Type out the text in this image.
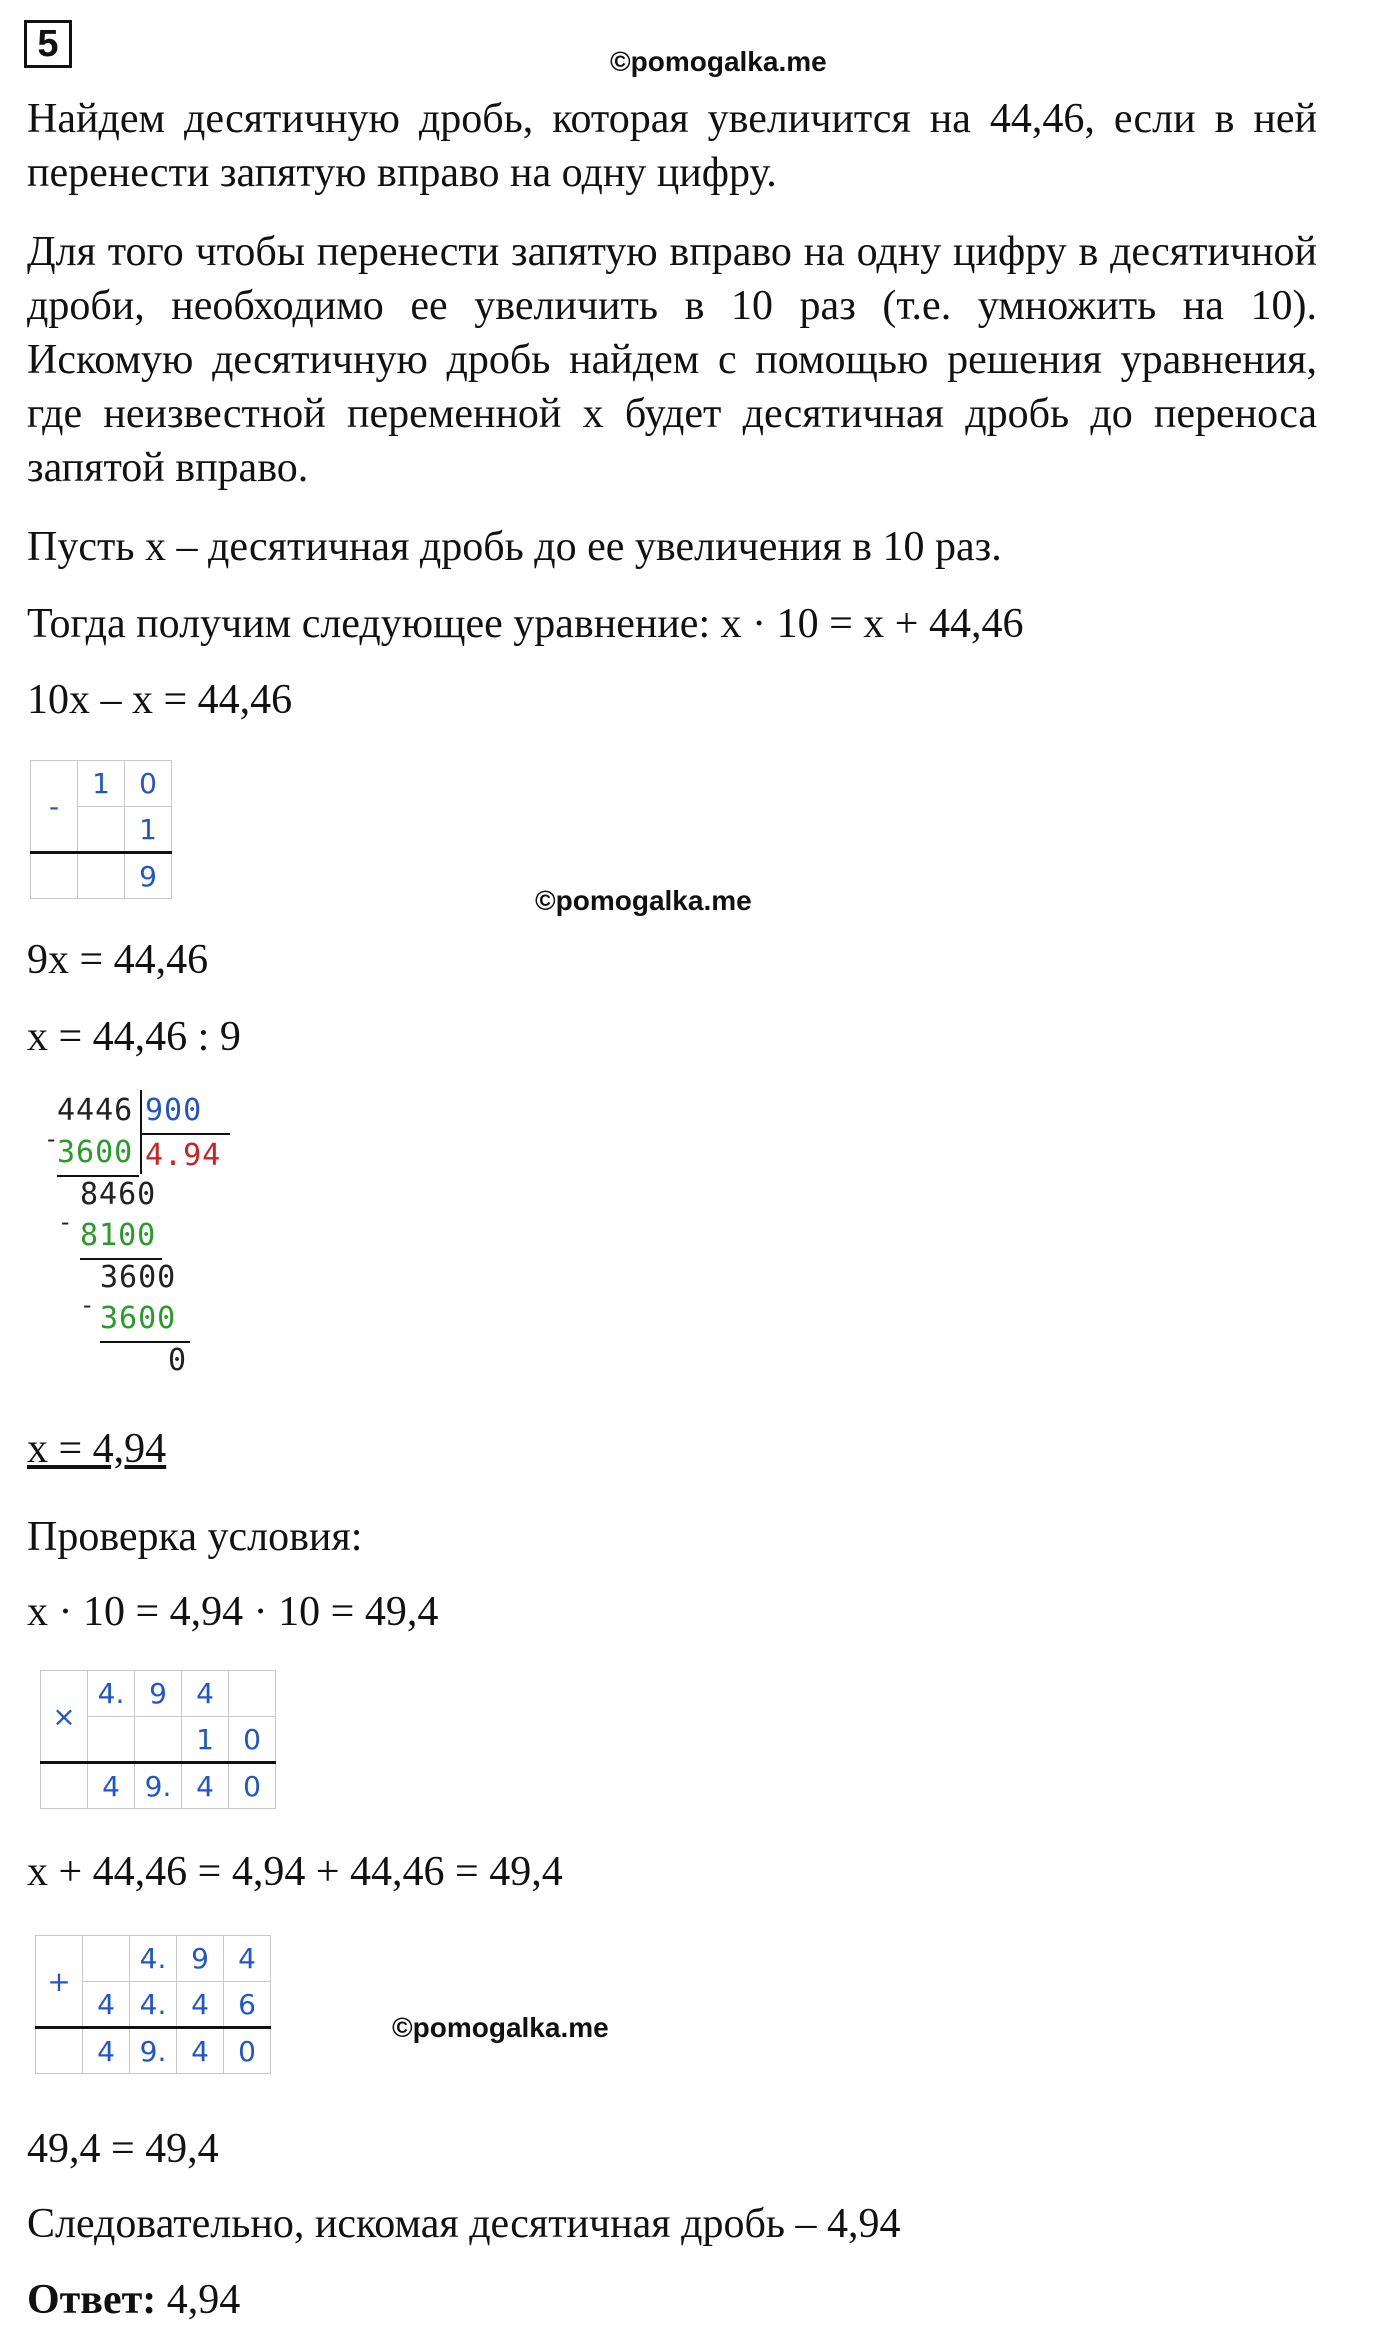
5	©pomogalka.me
Найдем десятичную дробь, которая увеличится на 44,46, если в ней перенести запятую вправо на одну цифру.
Для того чтобы перенести запятую вправо на одну цифру в десятичной дроби, необходимо ее увеличить в 10 раз (т.е. умножить на 10). Искомую десятичную дробь найдем с помощью решения уравнения, где неизвестной переменной х будет десятичная дробь до переноса запятой вправо.
Пусть х – десятичная дробь до ее увеличения в 10 раз.
Тогда получим следующее уравнение: х · 10 = х + 44,46
10х – х = 44,46
-	1	0
		1
		9
©pomogalka.me
9х = 44,46
х = 44,46 : 9
4446 900
-
3600 4.94
8460
- 8100
3600
- 3600
0
х = 4,94
Проверка условия:
х · 10 = 4,94 · 10 = 49,4
×	4.	9	4	
			1	0
	4	9.	4	0
х + 44,46 = 4,94 + 44,46 = 49,4
+		4.	9	4
	4	4.	4	6
	4	9.	4	0
©pomogalka.me
49,4 = 49,4
Следовательно, искомая десятичная дробь – 4,94
Ответ: 4,94
